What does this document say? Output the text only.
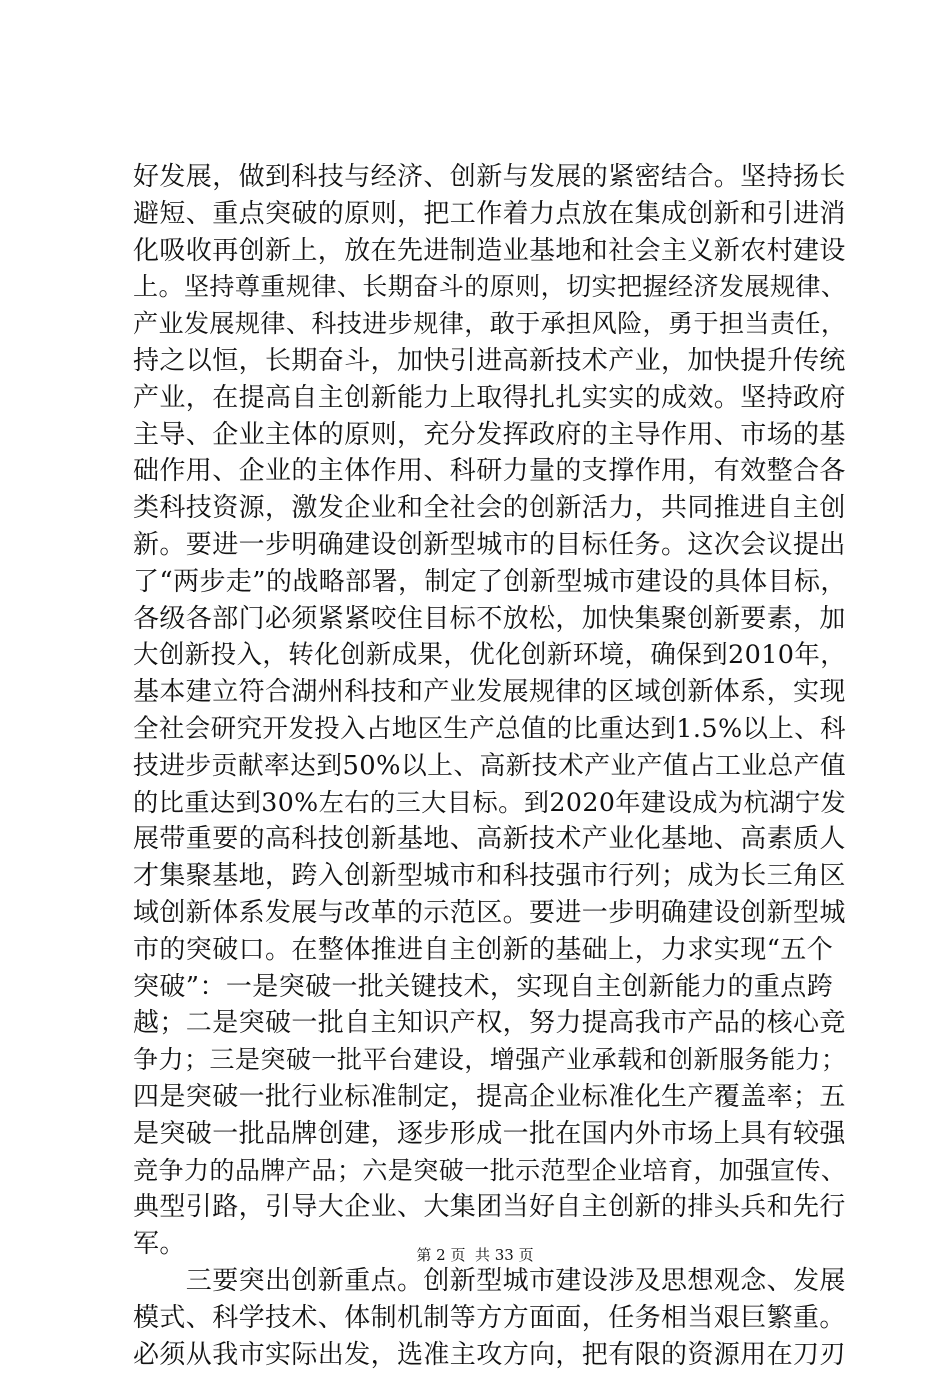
好发展，做到科技与经济、创新与发展的紧密结合。坚持扬长
避短、重点突破的原则，把工作着力点放在集成创新和引进消
化吸收再创新上，放在先进制造业基地和社会主义新农村建设
上。坚持尊重规律、长期奋斗的原则，切实把握经济发展规律、
产业发展规律、科技进步规律，敢于承担风险，勇于担当责任，
持之以恒，长期奋斗，加快引进高新技术产业，加快提升传统
产业，在提高自主创新能力上取得扎扎实实的成效。坚持政府
主导、企业主体的原则，充分发挥政府的主导作用、市场的基
础作用、企业的主体作用、科研力量的支撑作用，有效整合各
类科技资源，激发企业和全社会的创新活力，共同推进自主创
新。要进一步明确建设创新型城市的目标任务。这次会议提出
了“两步走”的战略部署，制定了创新型城市建设的具体目标，
各级各部门必须紧紧咬住目标不放松，加快集聚创新要素，加
大创新投入，转化创新成果，优化创新环境，确保到2010年，
基本建立符合湖州科技和产业发展规律的区域创新体系，实现
全社会研究开发投入占地区生产总值的比重达到1.5%以上、科
技进步贡献率达到50%以上、高新技术产业产值占工业总产值
的比重达到30%左右的三大目标。到2020年建设成为杭湖宁发
展带重要的高科技创新基地、高新技术产业化基地、高素质人
才集聚基地，跨入创新型城市和科技强市行列；成为长三角区
域创新体系发展与改革的示范区。要进一步明确建设创新型城
市的突破口。在整体推进自主创新的基础上，力求实现“五个
突破”：一是突破一批关键技术，实现自主创新能力的重点跨
越；二是突破一批自主知识产权，努力提高我市产品的核心竞
争力；三是突破一批平台建设，增强产业承载和创新服务能力；
四是突破一批行业标准制定，提高企业标准化生产覆盖率；五
是突破一批品牌创建，逐步形成一批在国内外市场上具有较强
竞争力的品牌产品；六是突破一批示范型企业培育，加强宣传、
典型引路，引导大企业、大集团当好自主创新的排头兵和先行
军。
　　三要突出创新重点。创新型城市建设涉及思想观念、发展
模式、科学技术、体制机制等方方面面，任务相当艰巨繁重。
必须从我市实际出发，选准主攻方向，把有限的资源用在刀刃
第 2 页  共 33 页
